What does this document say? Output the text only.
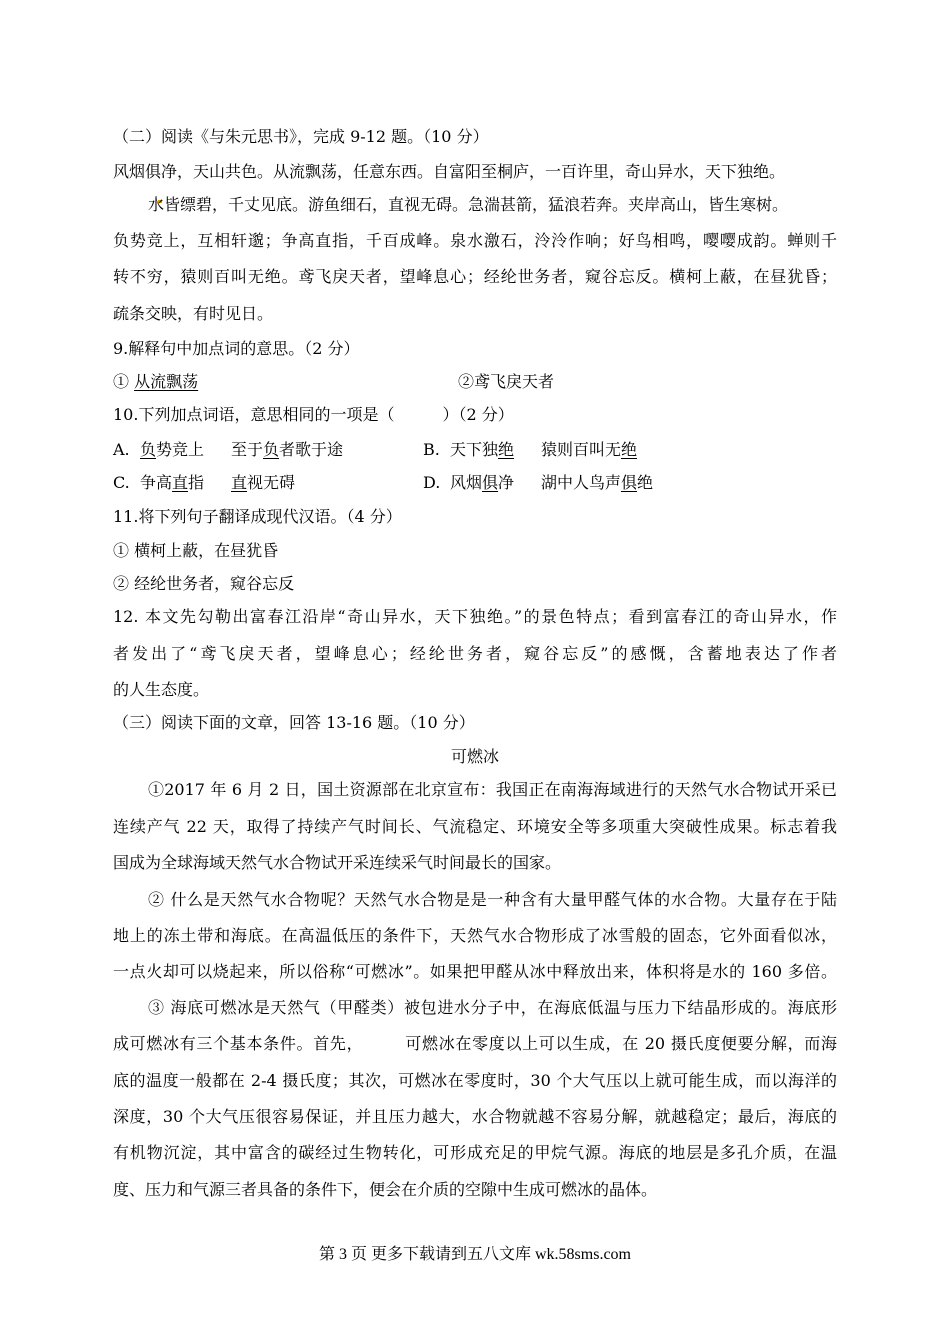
（二）阅读《与朱元思书》，完成 9-12 题。（10 分）
风烟俱净，天山共色。从流飘荡，任意东西。自富阳至桐庐，一百许里，奇山异水，天下独绝。
水皆缥碧，千丈见底。游鱼细石，直视无碍。急湍甚箭，猛浪若奔。夹岸高山，皆生寒树。
负势竞上，互相轩邈；争高直指，千百成峰。泉水激石，泠泠作响；好鸟相鸣，嘤嘤成韵。蝉则千
转不穷，猿则百叫无绝。鸢飞戾天者，望峰息心；经纶世务者，窥谷忘反。横柯上蔽，在昼犹昏；
疏条交映，有时见日。
9.解释句中加点词的意思。（2 分）
① 从流飘荡	②鸢飞戾天者
10.下列加点词语，意思相同的一项是（　　　）（2 分）
A. 负势竞上 至于负者歌于途	B. 天下独绝 猿则百叫无绝
C. 争高直指 直视无碍	D. 风烟俱净 湖中人鸟声俱绝
11.将下列句子翻译成现代汉语。（4 分）
① 横柯上蔽，在昼犹昏
② 经纶世务者，窥谷忘反
12. 本文先勾勒出富春江沿岸“奇山异水，天下独绝。”的景色特点；看到富春江的奇山异水，作
者发出了“鸢飞戾天者，望峰息心；经纶世务者，窥谷忘反”的感慨，含蓄地表达了作者
的人生态度。
（三）阅读下面的文章，回答 13-16 题。（10 分）
可燃冰
①2017 年 6 月 2 日，国土资源部在北京宣布：我国正在南海海域进行的天然气水合物试开采已
连续产气 22 天，取得了持续产气时间长、气流稳定、环境安全等多项重大突破性成果。标志着我
国成为全球海域天然气水合物试开采连续采气时间最长的国家。
② 什么是天然气水合物呢？天然气水合物是是一种含有大量甲醛气体的水合物。大量存在于陆
地上的冻土带和海底。在高温低压的条件下，天然气水合物形成了冰雪般的固态，它外面看似冰，
一点火却可以烧起来，所以俗称“可燃冰”。如果把甲醛从冰中释放出来，体积将是水的 160 多倍。
③ 海底可燃冰是天然气（甲醛类）被包进水分子中，在海底低温与压力下结晶形成的。海底形
成可燃冰有三个基本条件。首先，　　　可燃冰在零度以上可以生成，在 20 摄氏度便要分解，而海
底的温度一般都在 2-4 摄氏度；其次，可燃冰在零度时，30 个大气压以上就可能生成，而以海洋的
深度，30 个大气压很容易保证，并且压力越大，水合物就越不容易分解，就越稳定；最后，海底的
有机物沉淀，其中富含的碳经过生物转化，可形成充足的甲烷气源。海底的地层是多孔介质，在温
度、压力和气源三者具备的条件下，便会在介质的空隙中生成可燃冰的晶体。
第 3 页 更多下载请到五八文库 wk.58sms.com
